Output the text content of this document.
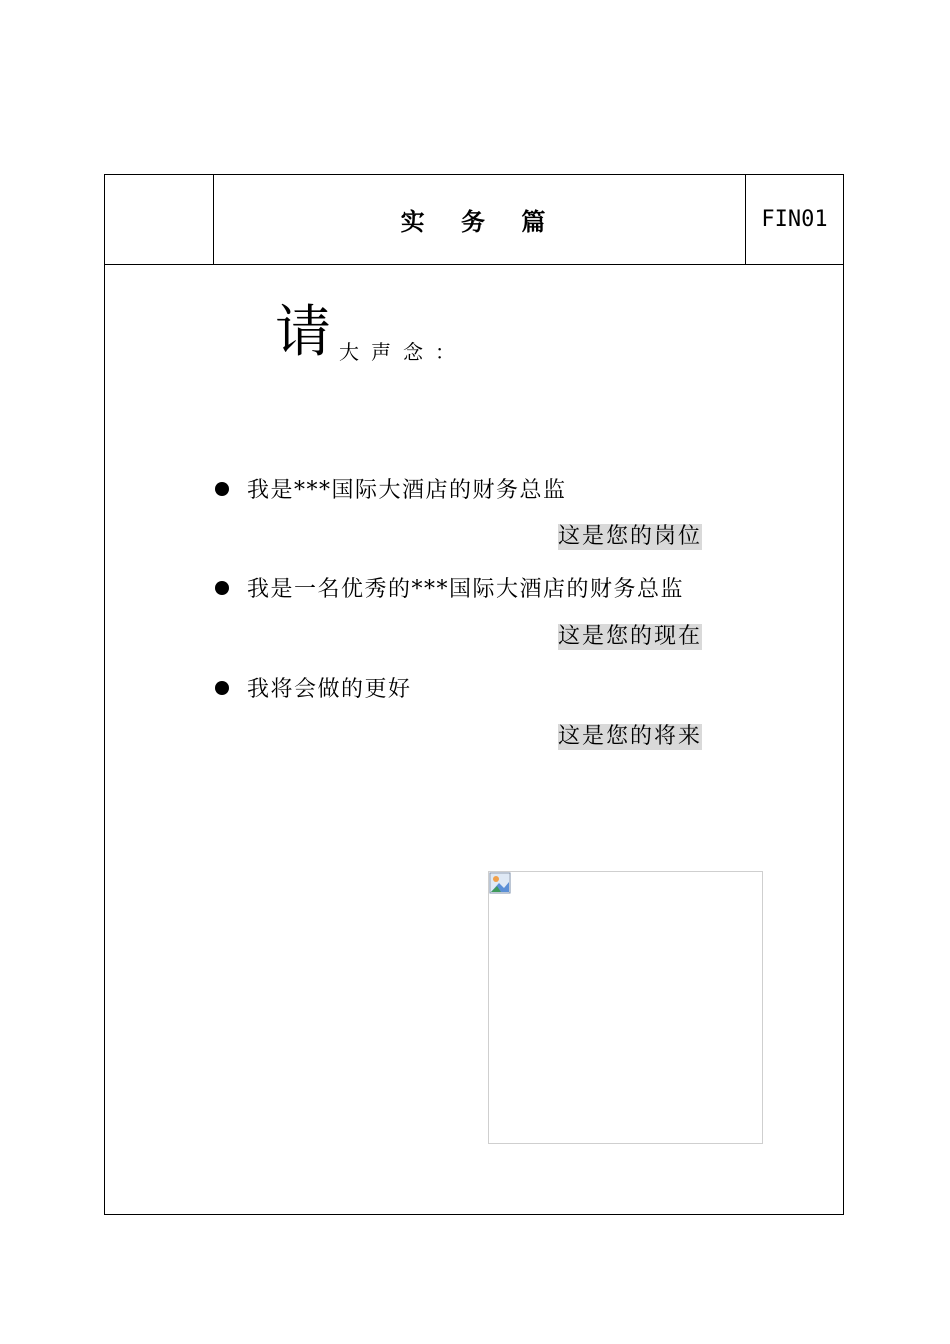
实 务 篇	FIN01
请 大声念：
我是***国际大酒店的财务总监
这是您的岗位
我是一名优秀的***国际大酒店的财务总监
这是您的现在
我将会做的更好
这是您的将来
